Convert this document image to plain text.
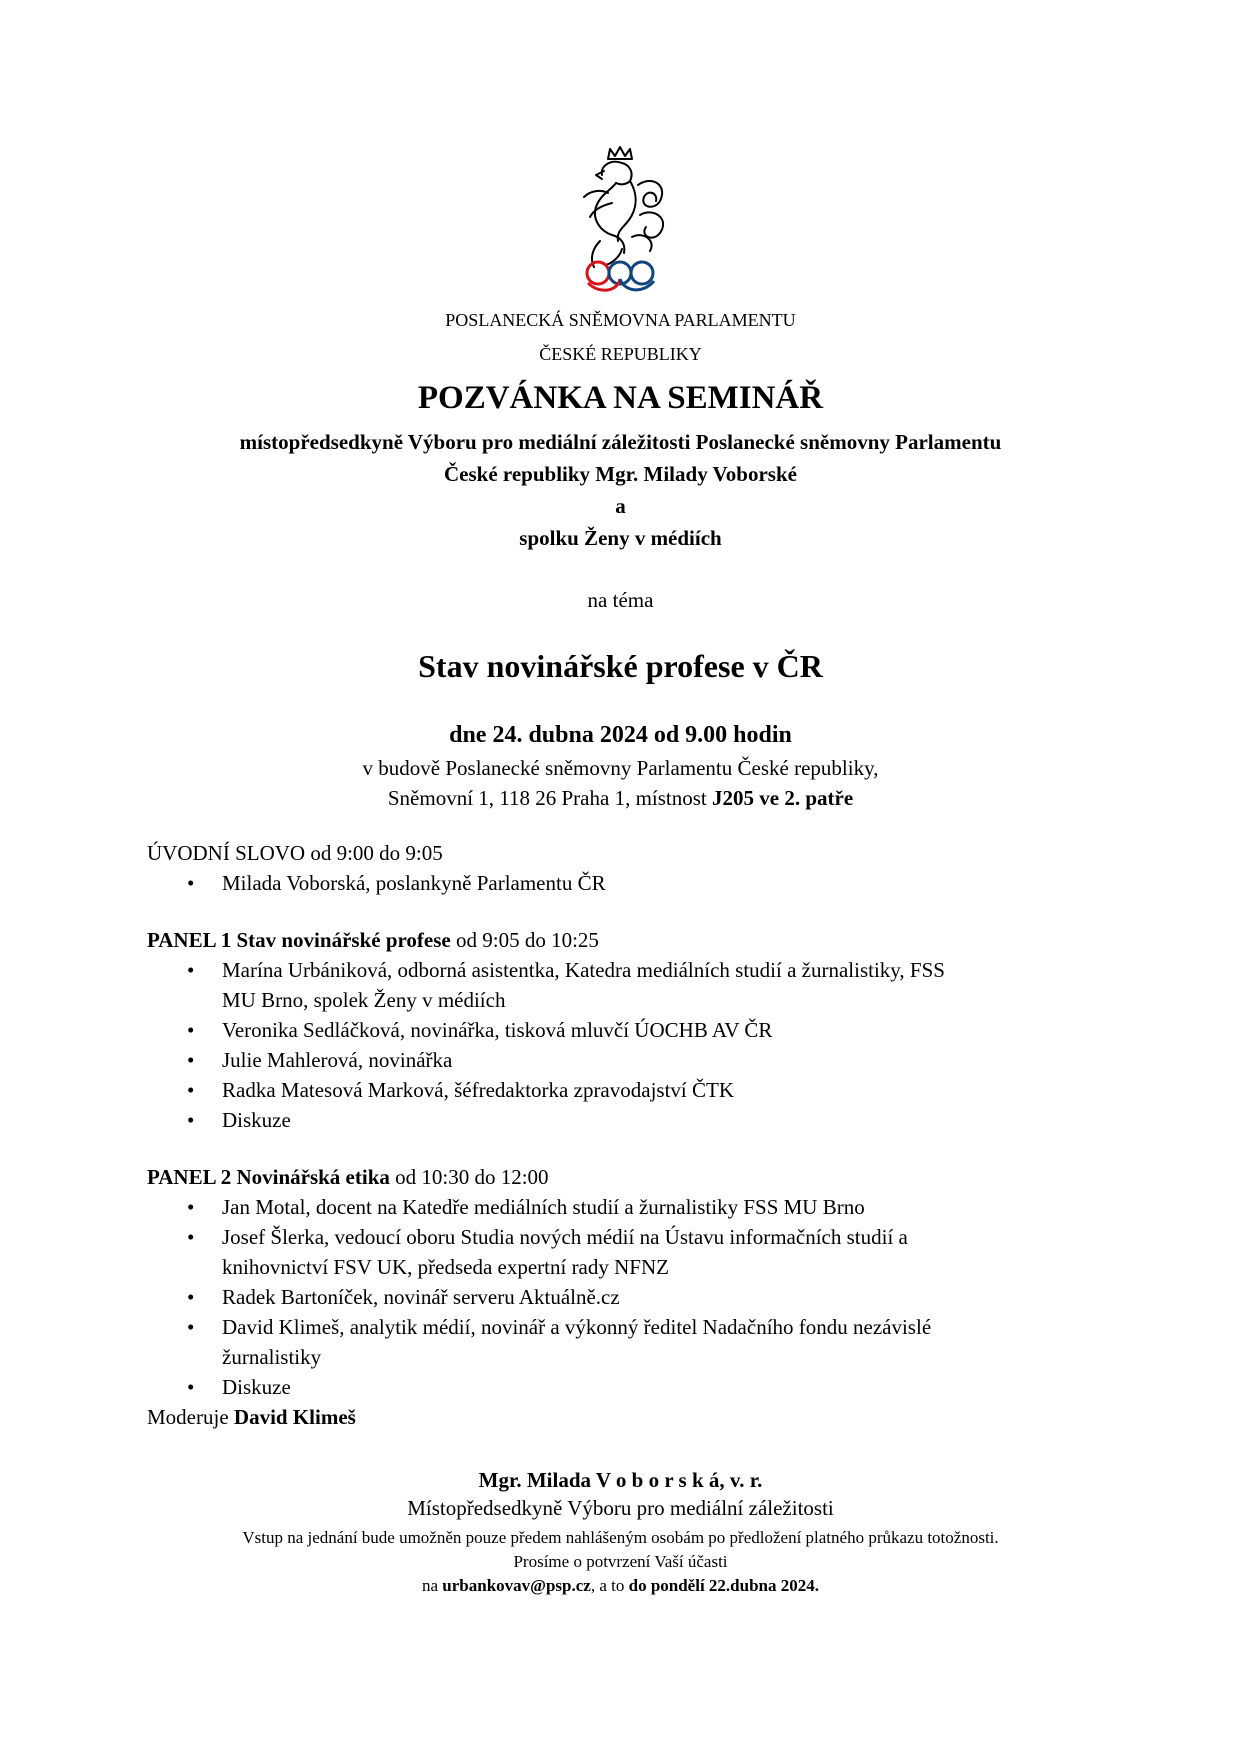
POSLANECKÁ SNĚMOVNA PARLAMENTU
ČESKÉ REPUBLIKY
POZVÁNKA NA SEMINÁŘ
místopředsedkyně Výboru pro mediální záležitosti Poslanecké sněmovny Parlamentu
České republiky Mgr. Milady Voborské
a
spolku Ženy v médiích
na téma
Stav novinářské profese v ČR
dne 24. dubna 2024 od 9.00 hodin
v budově Poslanecké sněmovny Parlamentu České republiky,
Sněmovní 1, 118 26 Praha 1, místnost J205 ve 2. patře
ÚVODNÍ SLOVO od 9:00 do 9:05
• Milada Voborská, poslankyně Parlamentu ČR
PANEL 1 Stav novinářské profese od 9:05 do 10:25
• Marína Urbániková, odborná asistentka, Katedra mediálních studií a žurnalistiky, FSS
MU Brno, spolek Ženy v médiích
• Veronika Sedláčková, novinářka, tisková mluvčí ÚOCHB AV ČR
• Julie Mahlerová, novinářka
• Radka Matesová Marková, šéfredaktorka zpravodajství ČTK
• Diskuze
PANEL 2 Novinářská etika od 10:30 do 12:00
• Jan Motal, docent na Katedře mediálních studií a žurnalistiky FSS MU Brno
• Josef Šlerka, vedoucí oboru Studia nových médií na Ústavu informačních studií a
knihovnictví FSV UK, předseda expertní rady NFNZ
• Radek Bartoníček, novinář serveru Aktuálně.cz
• David Klimeš, analytik médií, novinář a výkonný ředitel Nadačního fondu nezávislé
žurnalistiky
• Diskuze
Moderuje David Klimeš
Mgr. Milada V o b o r s k á, v. r.
Místopředsedkyně Výboru pro mediální záležitosti
Vstup na jednání bude umožněn pouze předem nahlášeným osobám po předložení platného průkazu totožnosti.
Prosíme o potvrzení Vaší účasti
na urbankovav@psp.cz, a to do pondělí 22.dubna 2024.
